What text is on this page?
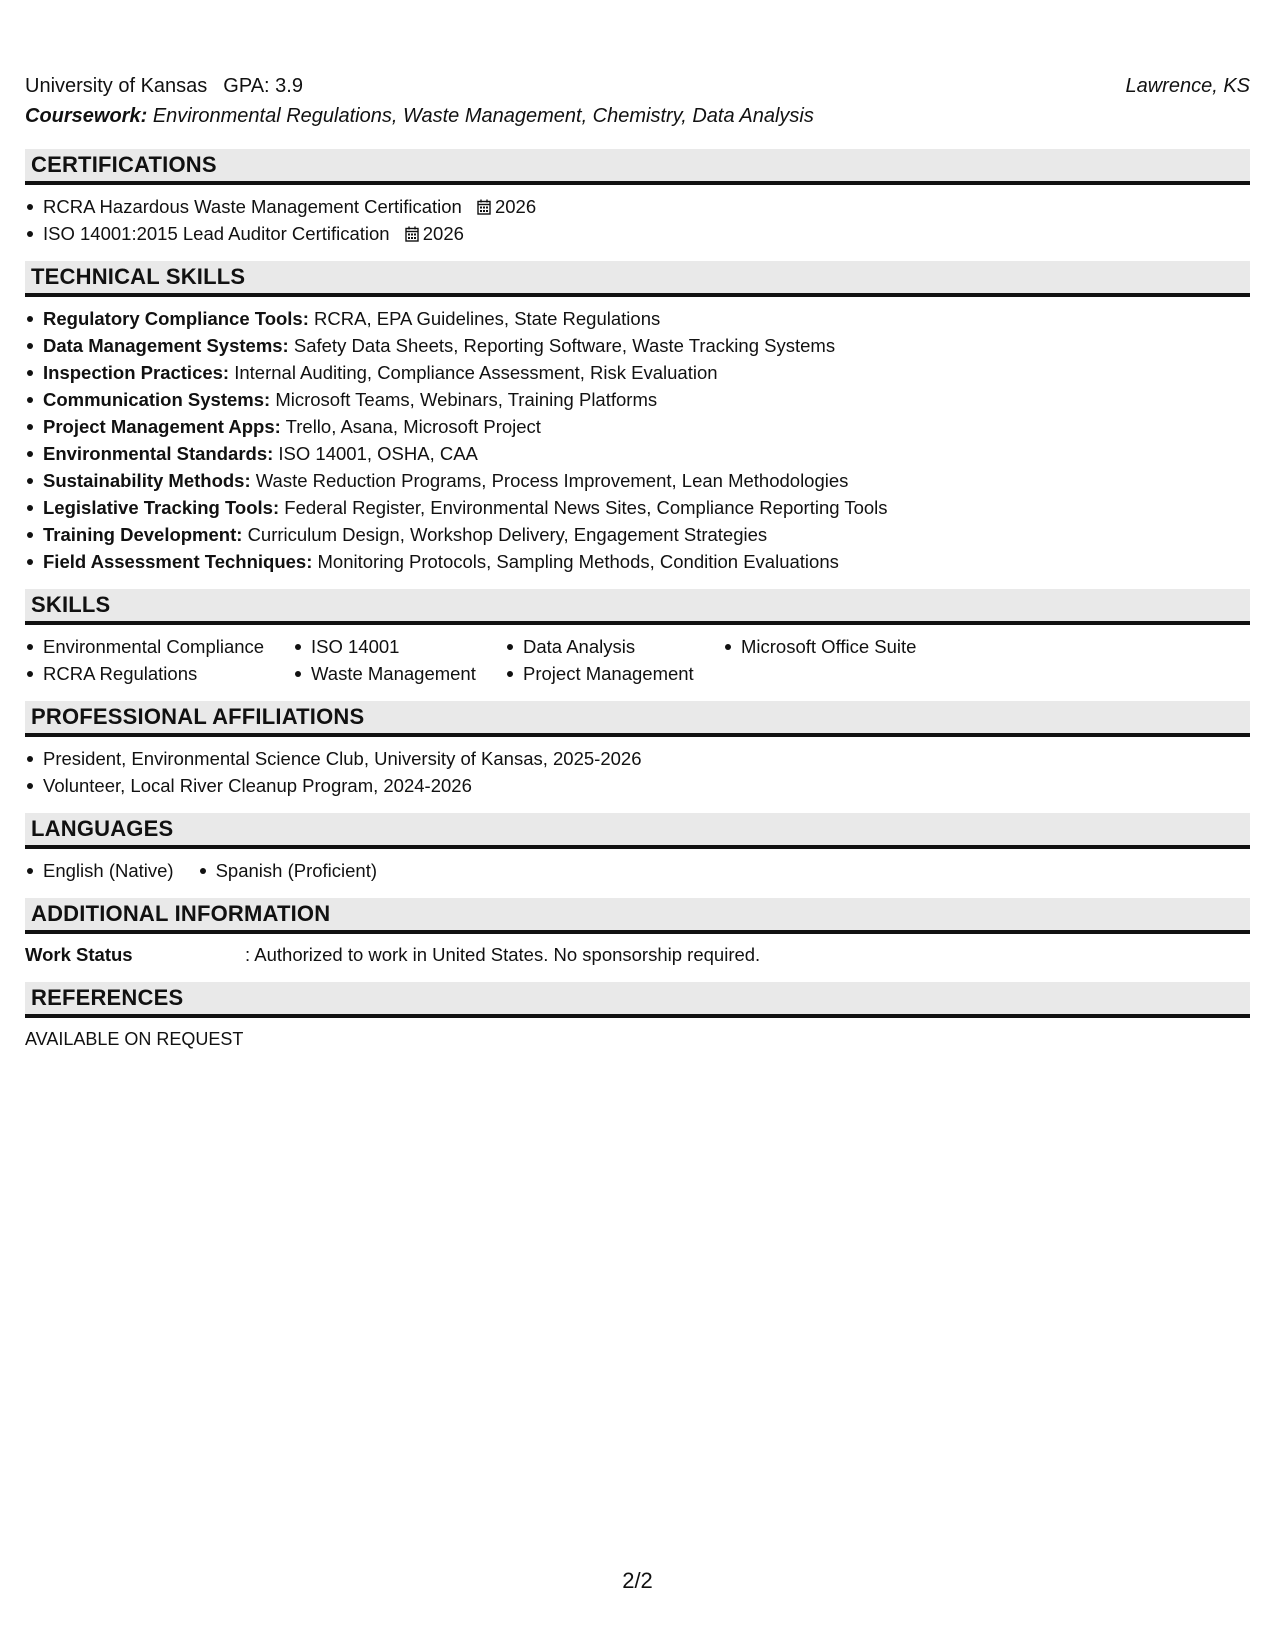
University of Kansas GPA: 3.9	Lawrence, KS
Coursework: Environmental Regulations, Waste Management, Chemistry, Data Analysis
CERTIFICATIONS
RCRA Hazardous Waste Management Certification 2026
ISO 14001:2015 Lead Auditor Certification 2026
TECHNICAL SKILLS
Regulatory Compliance Tools: RCRA, EPA Guidelines, State Regulations
Data Management Systems: Safety Data Sheets, Reporting Software, Waste Tracking Systems
Inspection Practices: Internal Auditing, Compliance Assessment, Risk Evaluation
Communication Systems: Microsoft Teams, Webinars, Training Platforms
Project Management Apps: Trello, Asana, Microsoft Project
Environmental Standards: ISO 14001, OSHA, CAA
Sustainability Methods: Waste Reduction Programs, Process Improvement, Lean Methodologies
Legislative Tracking Tools: Federal Register, Environmental News Sites, Compliance Reporting Tools
Training Development: Curriculum Design, Workshop Delivery, Engagement Strategies
Field Assessment Techniques: Monitoring Protocols, Sampling Methods, Condition Evaluations
SKILLS
Environmental Compliance	ISO 14001	Data Analysis	Microsoft Office Suite
RCRA Regulations	Waste Management	Project Management
PROFESSIONAL AFFILIATIONS
President, Environmental Science Club, University of Kansas, 2025-2026
Volunteer, Local River Cleanup Program, 2024-2026
LANGUAGES
English (Native)	Spanish (Proficient)
ADDITIONAL INFORMATION
Work Status	: Authorized to work in United States. No sponsorship required.
REFERENCES
AVAILABLE ON REQUEST
2/2
